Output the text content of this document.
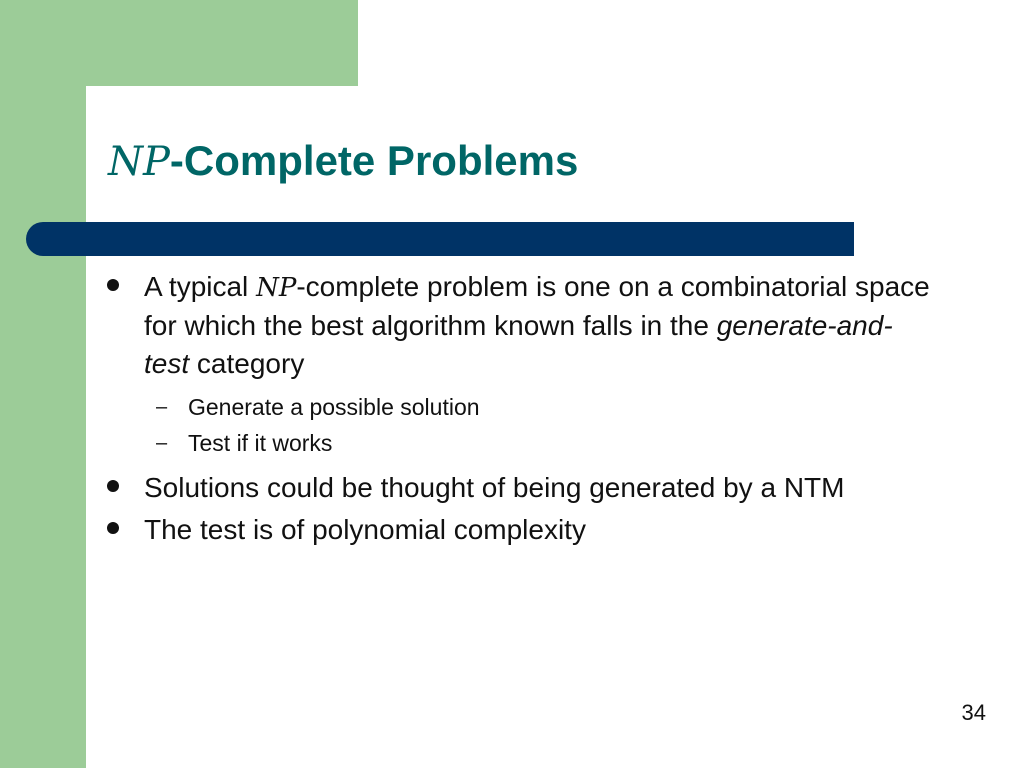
NP-Complete Problems
A typical NP-complete problem is one on a combinatorial space for which the best algorithm known falls in the generate-and-test category
– Generate a possible solution
– Test if it works
Solutions could be thought of being generated by a NTM
The test is of polynomial complexity
34
